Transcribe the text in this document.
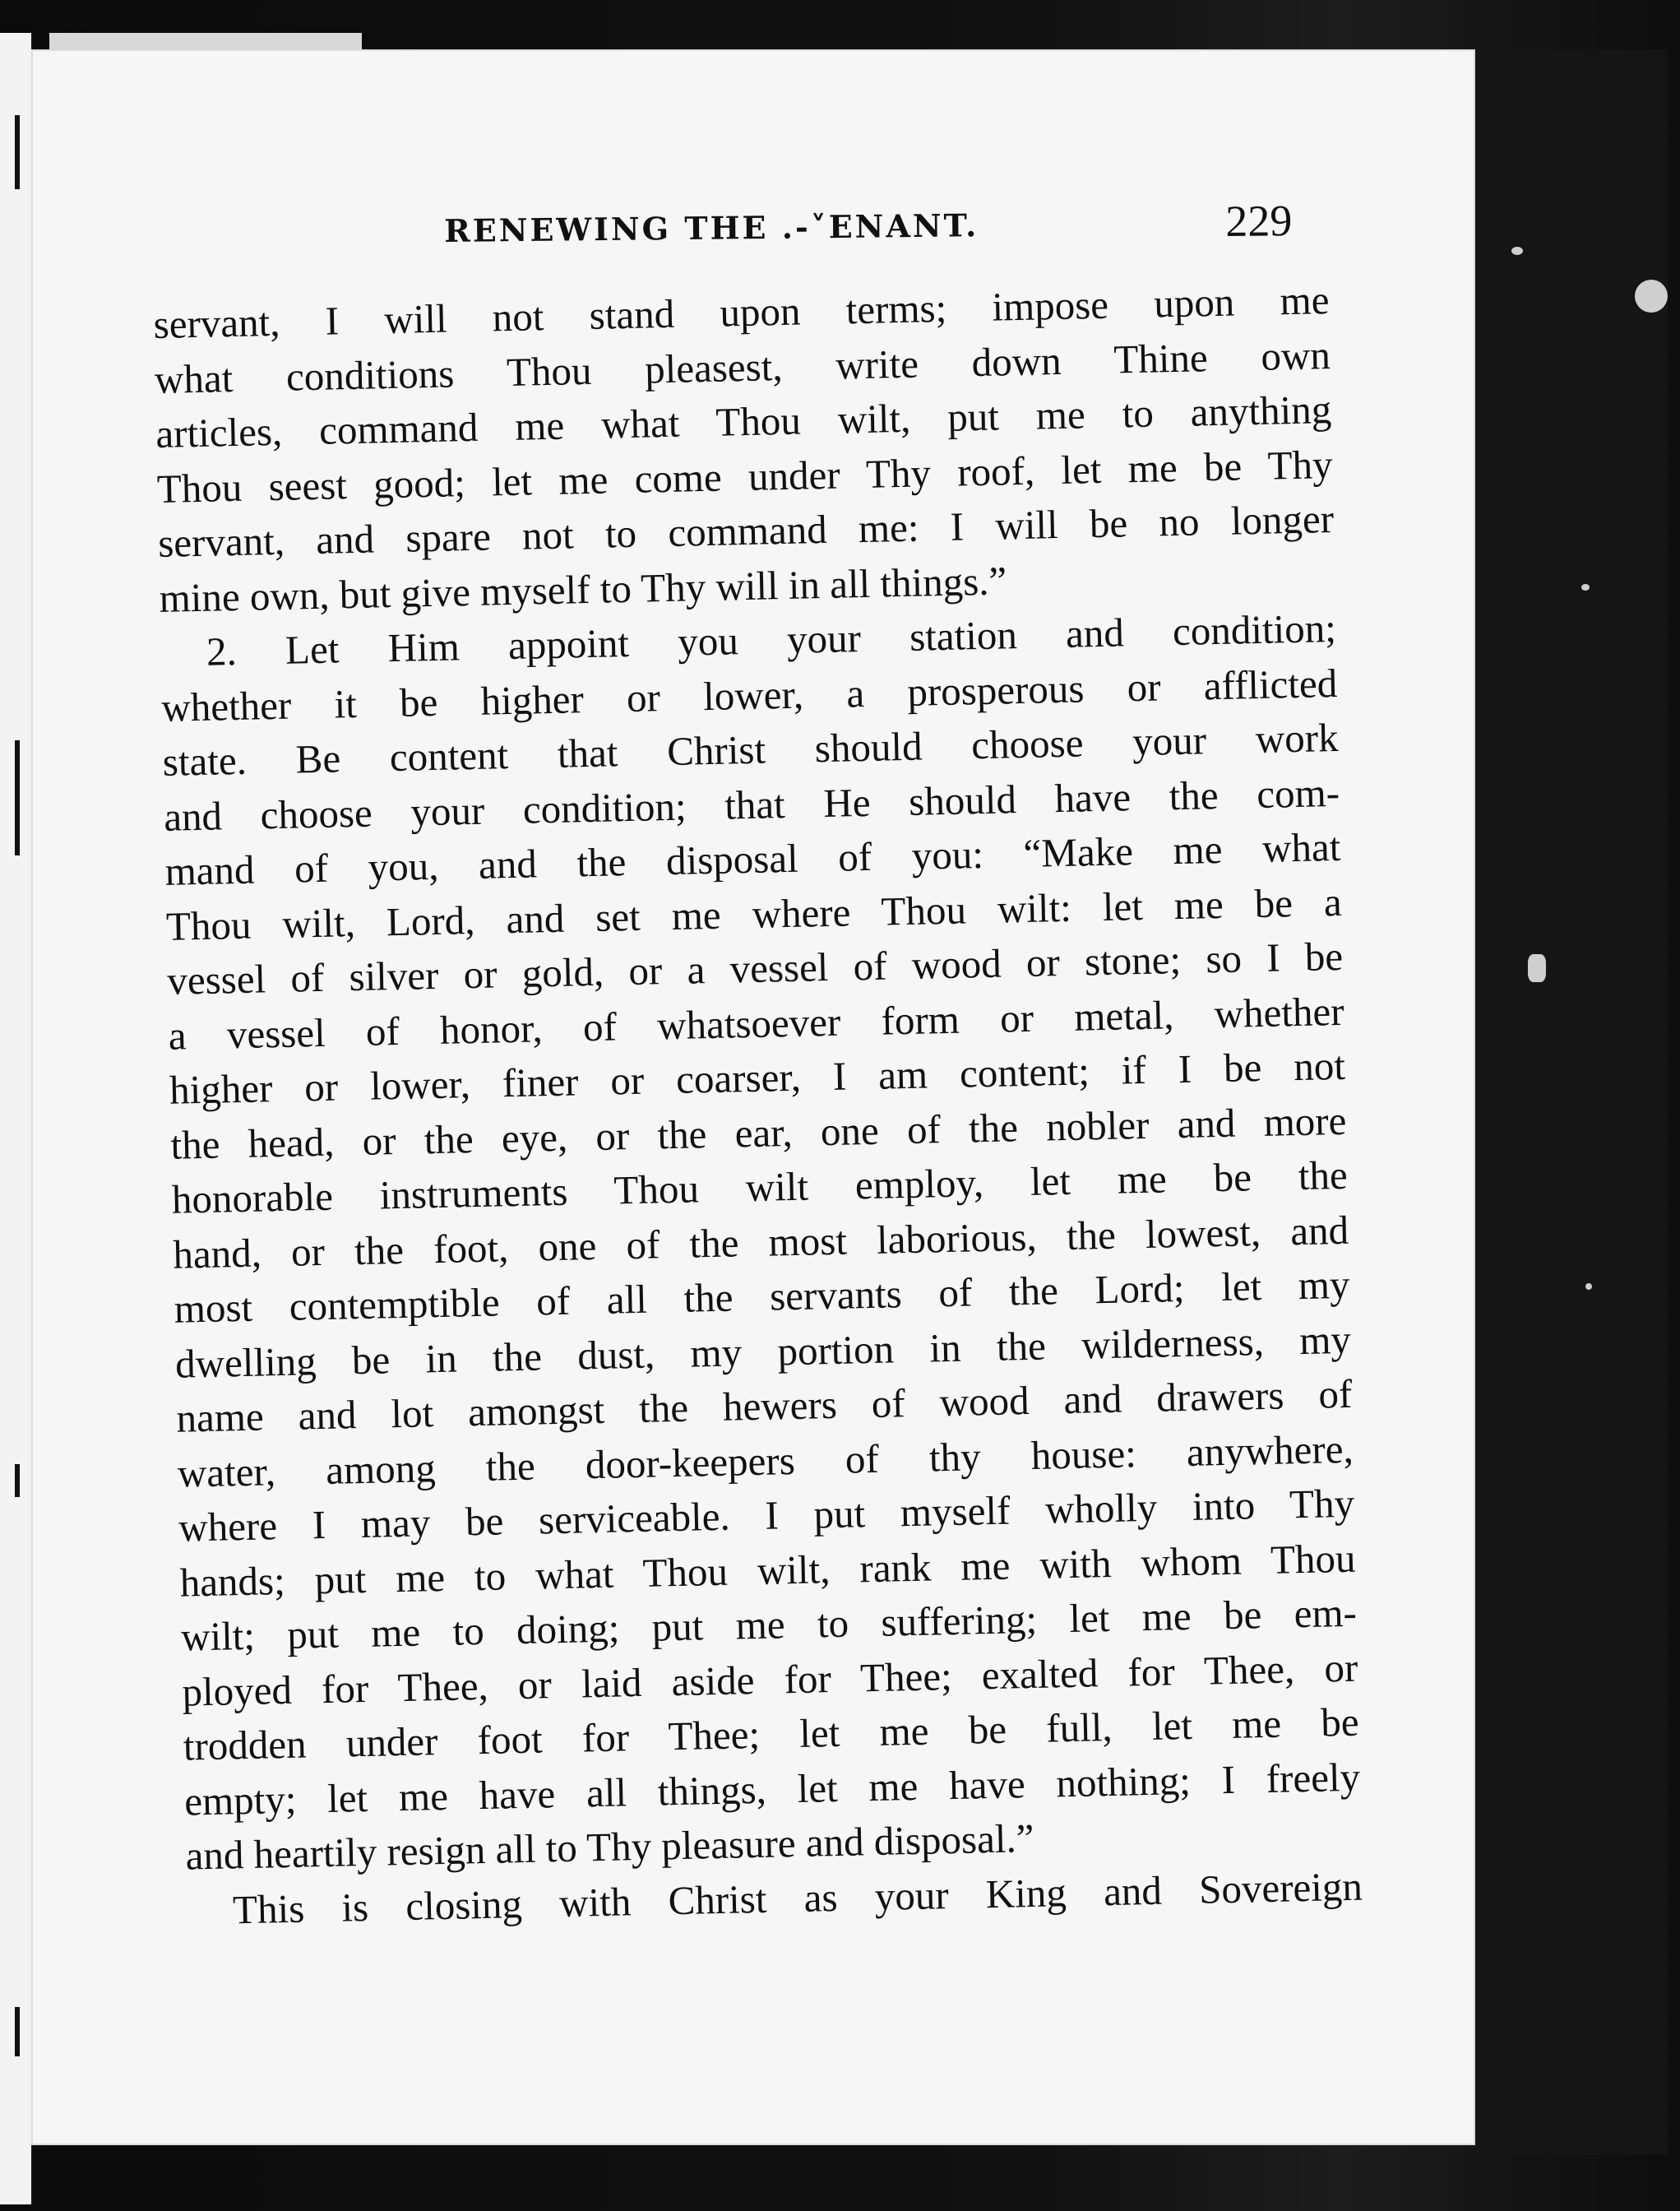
RENEWING THE .-˅ENANT.	229
servant, I will not stand upon terms; impose upon me
what conditions Thou pleasest, write down Thine own
articles, command me what Thou wilt, put me to anything
Thou seest good; let me come under Thy roof, let me be Thy
servant, and spare not to command me: I will be no longer
mine own, but give myself to Thy will in all things.”
2. Let Him appoint you your station and condition;
whether it be higher or lower, a prosperous or afflicted
state. Be content that Christ should choose your work
and choose your condition; that He should have the com-
mand of you, and the disposal of you: “Make me what
Thou wilt, Lord, and set me where Thou wilt: let me be a
vessel of silver or gold, or a vessel of wood or stone; so I be
a vessel of honor, of whatsoever form or metal, whether
higher or lower, finer or coarser, I am content; if I be not
the head, or the eye, or the ear, one of the nobler and more
honorable instruments Thou wilt employ, let me be the
hand, or the foot, one of the most laborious, the lowest, and
most contemptible of all the servants of the Lord; let my
dwelling be in the dust, my portion in the wilderness, my
name and lot amongst the hewers of wood and drawers of
water, among the door-keepers of thy house: anywhere,
where I may be serviceable. I put myself wholly into Thy
hands; put me to what Thou wilt, rank me with whom Thou
wilt; put me to doing; put me to suffering; let me be em-
ployed for Thee, or laid aside for Thee; exalted for Thee, or
trodden under foot for Thee; let me be full, let me be
empty; let me have all things, let me have nothing; I freely
and heartily resign all to Thy pleasure and disposal.”
This is closing with Christ as your King and Sovereign
